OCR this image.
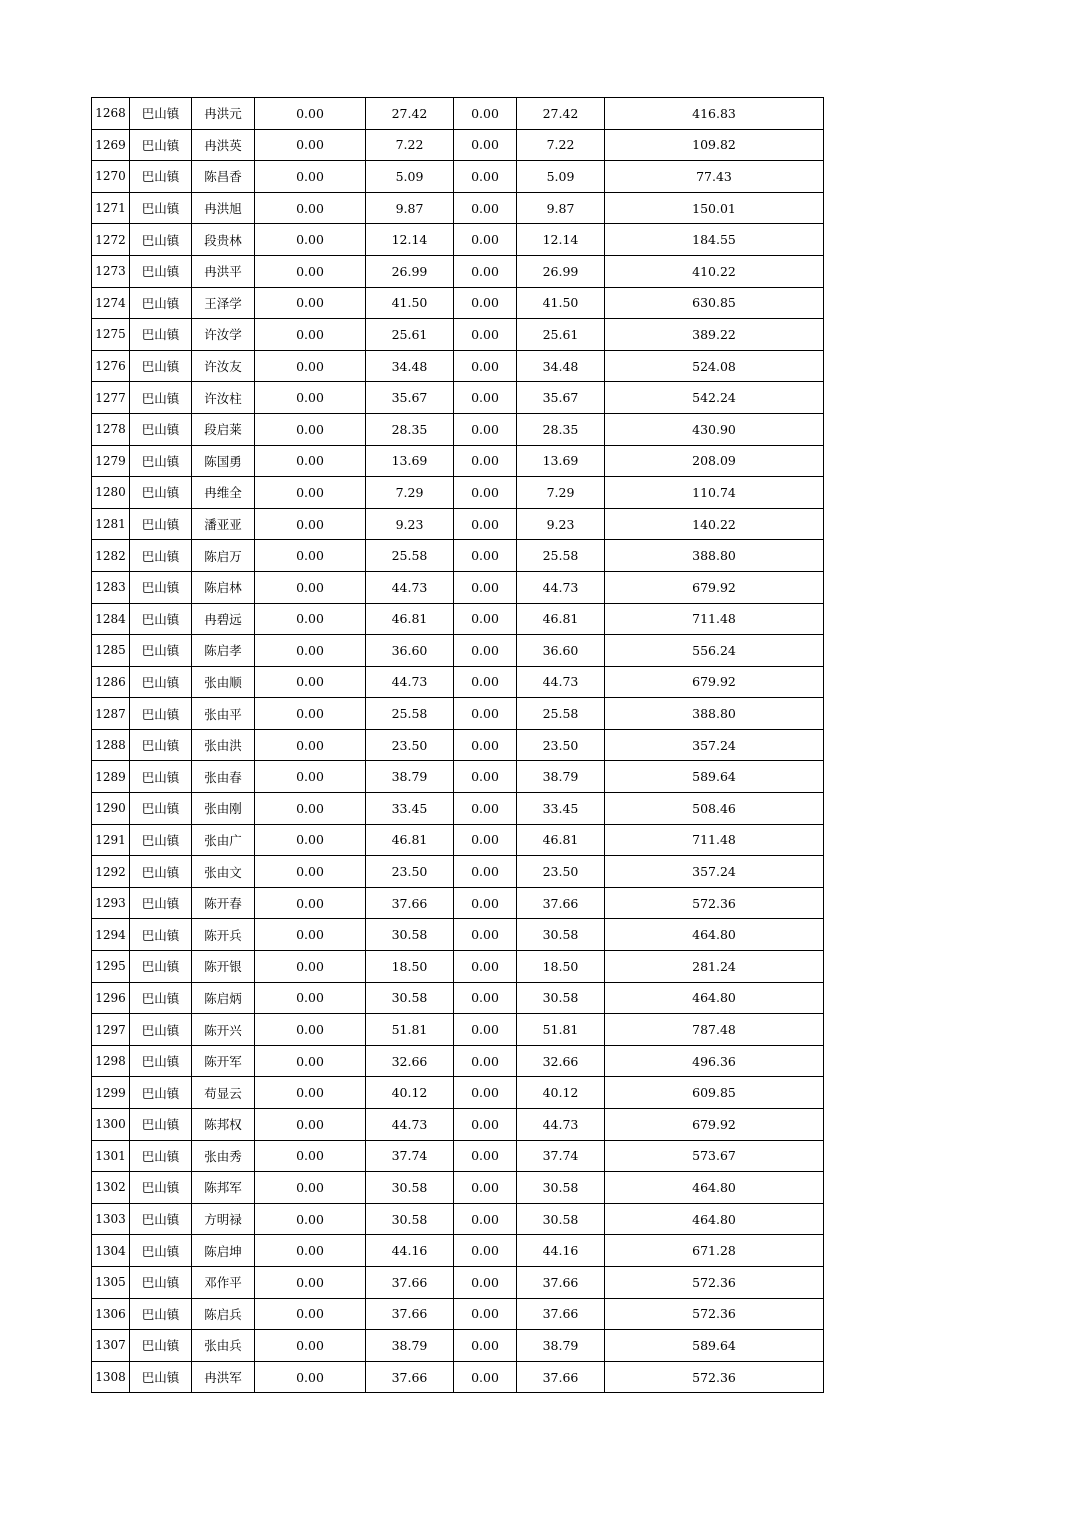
1268	巴山镇	冉洪元	0.00	27.42	0.00	27.42	416.83
1269	巴山镇	冉洪英	0.00	7.22	0.00	7.22	109.82
1270	巴山镇	陈昌香	0.00	5.09	0.00	5.09	77.43
1271	巴山镇	冉洪旭	0.00	9.87	0.00	9.87	150.01
1272	巴山镇	段贵林	0.00	12.14	0.00	12.14	184.55
1273	巴山镇	冉洪平	0.00	26.99	0.00	26.99	410.22
1274	巴山镇	王泽学	0.00	41.50	0.00	41.50	630.85
1275	巴山镇	许汝学	0.00	25.61	0.00	25.61	389.22
1276	巴山镇	许汝友	0.00	34.48	0.00	34.48	524.08
1277	巴山镇	许汝柱	0.00	35.67	0.00	35.67	542.24
1278	巴山镇	段启莱	0.00	28.35	0.00	28.35	430.90
1279	巴山镇	陈国勇	0.00	13.69	0.00	13.69	208.09
1280	巴山镇	冉维全	0.00	7.29	0.00	7.29	110.74
1281	巴山镇	潘亚亚	0.00	9.23	0.00	9.23	140.22
1282	巴山镇	陈启万	0.00	25.58	0.00	25.58	388.80
1283	巴山镇	陈启林	0.00	44.73	0.00	44.73	679.92
1284	巴山镇	冉碧远	0.00	46.81	0.00	46.81	711.48
1285	巴山镇	陈启孝	0.00	36.60	0.00	36.60	556.24
1286	巴山镇	张由顺	0.00	44.73	0.00	44.73	679.92
1287	巴山镇	张由平	0.00	25.58	0.00	25.58	388.80
1288	巴山镇	张由洪	0.00	23.50	0.00	23.50	357.24
1289	巴山镇	张由春	0.00	38.79	0.00	38.79	589.64
1290	巴山镇	张由刚	0.00	33.45	0.00	33.45	508.46
1291	巴山镇	张由广	0.00	46.81	0.00	46.81	711.48
1292	巴山镇	张由文	0.00	23.50	0.00	23.50	357.24
1293	巴山镇	陈开春	0.00	37.66	0.00	37.66	572.36
1294	巴山镇	陈开兵	0.00	30.58	0.00	30.58	464.80
1295	巴山镇	陈开银	0.00	18.50	0.00	18.50	281.24
1296	巴山镇	陈启炳	0.00	30.58	0.00	30.58	464.80
1297	巴山镇	陈开兴	0.00	51.81	0.00	51.81	787.48
1298	巴山镇	陈开军	0.00	32.66	0.00	32.66	496.36
1299	巴山镇	苟显云	0.00	40.12	0.00	40.12	609.85
1300	巴山镇	陈邦权	0.00	44.73	0.00	44.73	679.92
1301	巴山镇	张由秀	0.00	37.74	0.00	37.74	573.67
1302	巴山镇	陈邦军	0.00	30.58	0.00	30.58	464.80
1303	巴山镇	方明禄	0.00	30.58	0.00	30.58	464.80
1304	巴山镇	陈启坤	0.00	44.16	0.00	44.16	671.28
1305	巴山镇	邓作平	0.00	37.66	0.00	37.66	572.36
1306	巴山镇	陈启兵	0.00	37.66	0.00	37.66	572.36
1307	巴山镇	张由兵	0.00	38.79	0.00	38.79	589.64
1308	巴山镇	冉洪军	0.00	37.66	0.00	37.66	572.36
